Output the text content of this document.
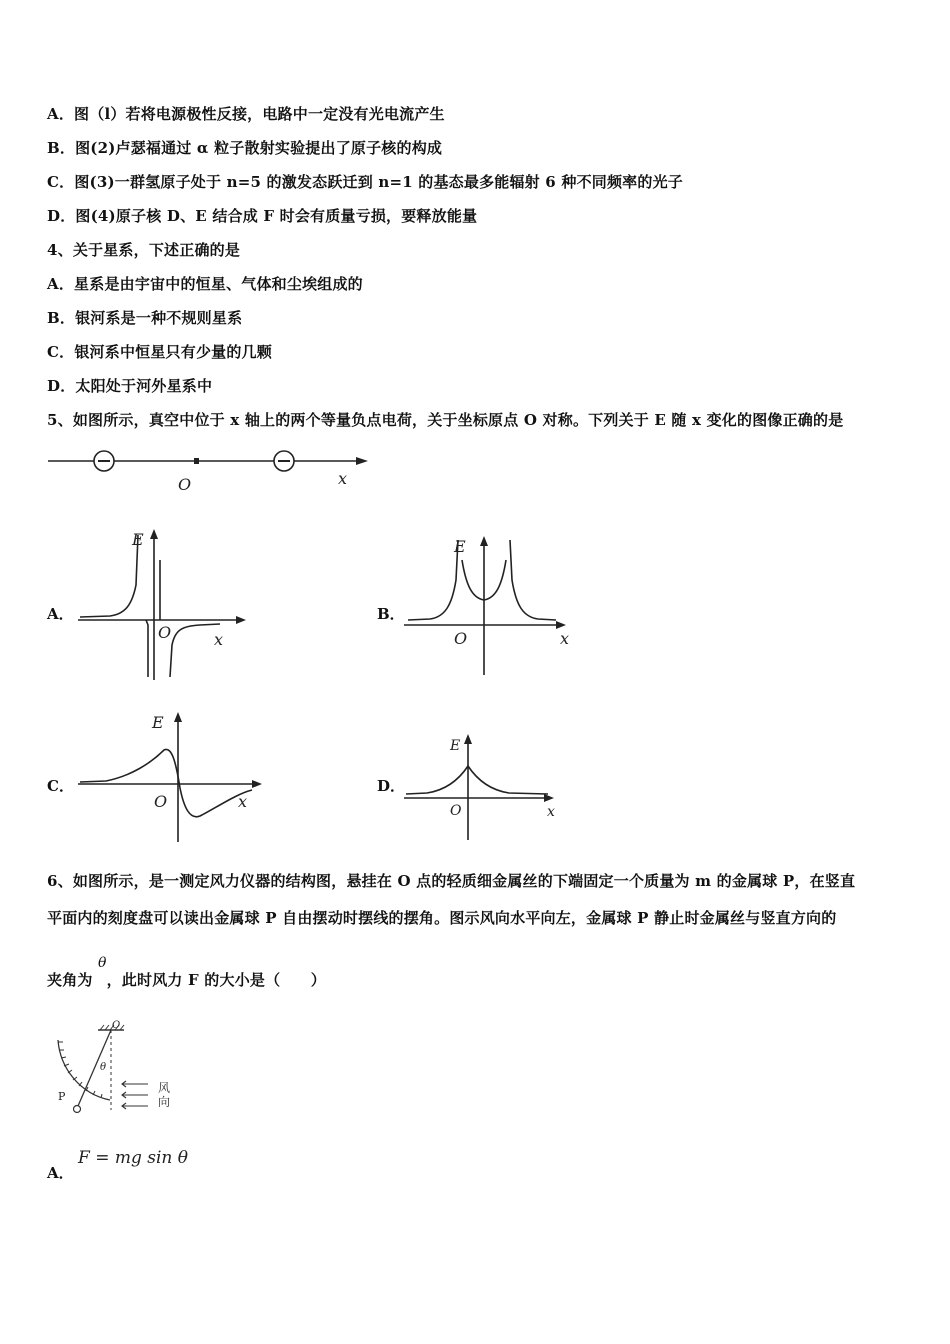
A．图（l）若将电源极性反接，电路中一定没有光电流产生
B．图(2)卢瑟福通过 α 粒子散射实验提出了原子核的构成
C．图(3)一群氢原子处于 n=5 的激发态跃迁到 n=1 的基态最多能辐射 6 种不同频率的光子
D．图(4)原子核 D、E 结合成 F 时会有质量亏损，要释放能量
4、关于星系，下述正确的是
A．星系是由宇宙中的恒星、气体和尘埃组成的
B．银河系是一种不规则星系
C．银河系中恒星只有少量的几颗
D．太阳处于河外星系中
5、如图所示，真空中位于 x 轴上的两个等量负点电荷，关于坐标原点 O 对称。下列关于 E 随 x 变化的图像正确的是
O	x
A．
E
O	x
B．
E
O	x
C．
E
O	x
D．
E
O	x
6、如图所示，是一测定风力仪器的结构图，悬挂在 O 点的轻质细金属丝的下端固定一个质量为 m 的金属球 P，在竖直
平面内的刻度盘可以读出金属球 P 自由摆动时摆线的摆角。图示风向水平向左，金属球 P 静止时金属丝与竖直方向的
夹角为 ，此时风力 F 的大小是（　　）
θ
O
P
θ
风
向
A．
F = mg sin θ
